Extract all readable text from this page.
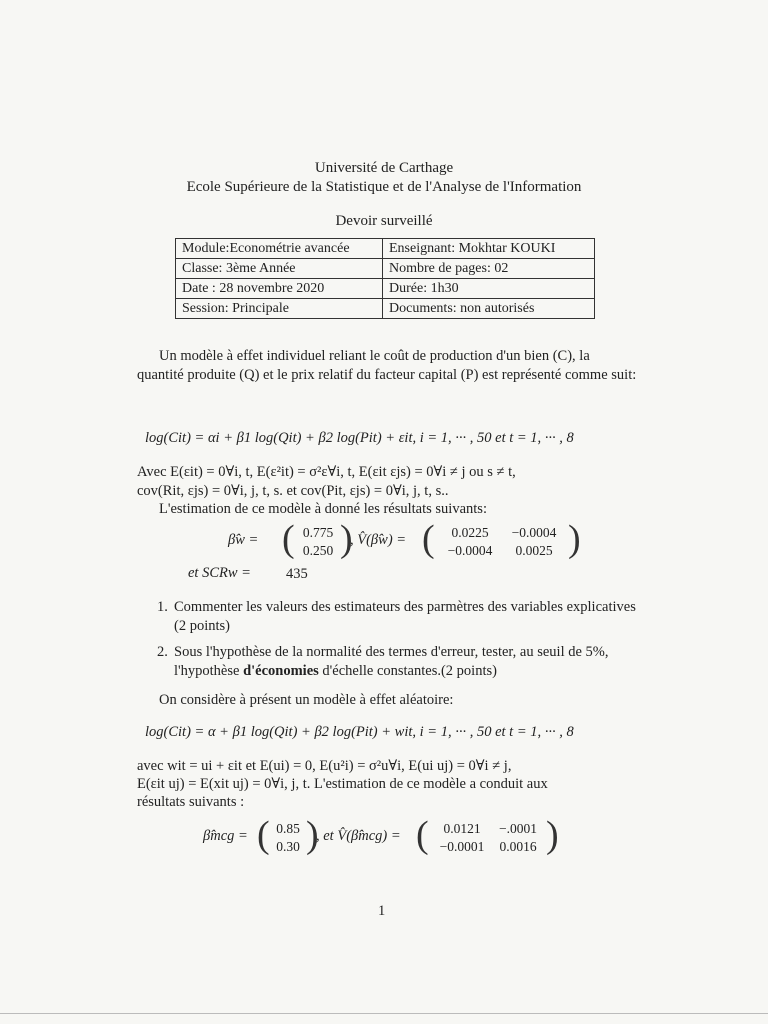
Université de Carthage
Ecole Supérieure de la Statistique et de l'Analyse de l'Information
Devoir surveillé
Module:Econométrie avancée	Enseignant: Mokhtar KOUKI
Classe: 3ème Année	Nombre de pages: 02
Date : 28 novembre 2020	Durée: 1h30
Session: Principale	Documents: non autorisés
Un modèle à effet individuel reliant le coût de production d'un bien (C), la quantité produite (Q) et le prix relatif du facteur capital (P) est représenté comme suit:
log(Cit) = αi + β1 log(Qit) + β2 log(Pit) + εit, i = 1, ··· , 50 et t = 1, ··· , 8
Avec E(εit) = 0∀i, t, E(ε²it) = σ²ε∀i, t, E(εit εjs) = 0∀i ≠ j ou s ≠ t,
cov(Rit, εjs) = 0∀i, j, t, s. et cov(Pit, εjs) = 0∀i, j, t, s..
L'estimation de ce modèle à donné les résultats suivants:
β̂w = ( 0.775
0.250 )
, V̂(β̂w) = (	0.0225	−0.0004
−0.0004	0.0025 )
et SCRw = 435
1. Commenter les valeurs des estimateurs des parmètres des variables explicatives (2 points)
2. Sous l'hypothèse de la normalité des termes d'erreur, tester, au seuil de 5%, l'hypothèse d'économies d'échelle constantes.(2 points)
On considère à présent un modèle à effet aléatoire:
log(Cit) = α + β1 log(Qit) + β2 log(Pit) + wit, i = 1, ··· , 50 et t = 1, ··· , 8
avec wit = ui + εit et E(ui) = 0, E(u²i) = σ²u∀i, E(ui uj) = 0∀i ≠ j,
E(εit uj) = E(xit uj) = 0∀i, j, t. L'estimation de ce modèle a conduit aux
résultats suivants :
β̂mcg = ( 0.85
0.30 )
, et V̂(β̂mcg) = (	0.0121	−.0001
−0.0001	0.0016 )
1
